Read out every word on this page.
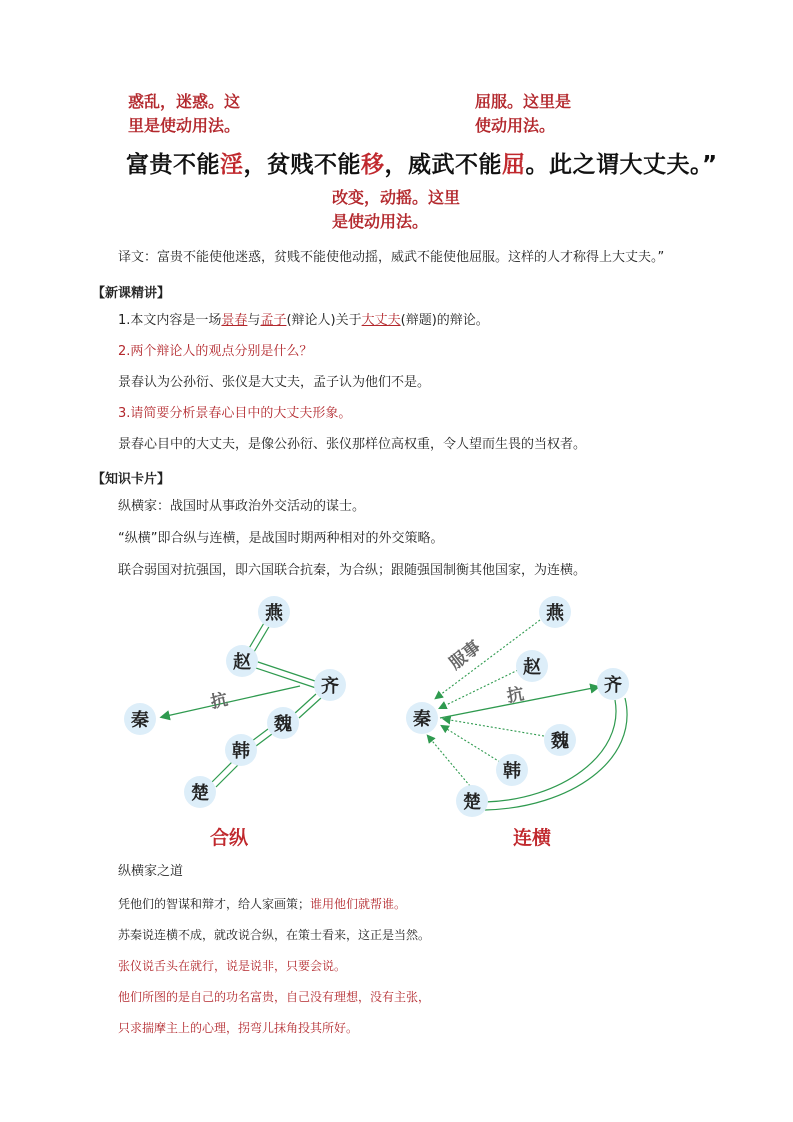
惑乱，迷惑。这
里是使动用法。
屈服。这里是
使动用法。
富贵不能淫，贫贱不能移，威武不能屈。此之谓大丈夫。”
改变，动摇。这里
是使动用法。
译文：富贵不能使他迷惑，贫贱不能使他动摇，威武不能使他屈服。这样的人才称得上大丈夫。”
【新课精讲】
1.本文内容是一场景春与孟子(辩论人)关于大丈夫(辩题)的辩论。
2.两个辩论人的观点分别是什么？
景春认为公孙衍、张仪是大丈夫，孟子认为他们不是。
3.请简要分析景春心目中的大丈夫形象。
景春心目中的大丈夫，是像公孙衍、张仪那样位高权重，令人望而生畏的当权者。
【知识卡片】
纵横家：战国时从事政治外交活动的谋士。
“纵横”即合纵与连横，是战国时期两种相对的外交策略。
联合弱国对抗强国，即六国联合抗秦，为合纵；跟随强国制衡其他国家，为连横。
抗
燕
赵
齐
秦	魏
韩
楚
合纵
服事
抗
燕
赵
齐
秦
魏
韩
楚
连横
纵横家之道
凭他们的智谋和辩才，给人家画策；谁用他们就帮谁。
苏秦说连横不成，就改说合纵，在策士看来，这正是当然。
张仪说舌头在就行，说是说非，只要会说。
他们所图的是自己的功名富贵，自己没有理想，没有主张，
只求揣摩主上的心理，拐弯儿抹角投其所好。
